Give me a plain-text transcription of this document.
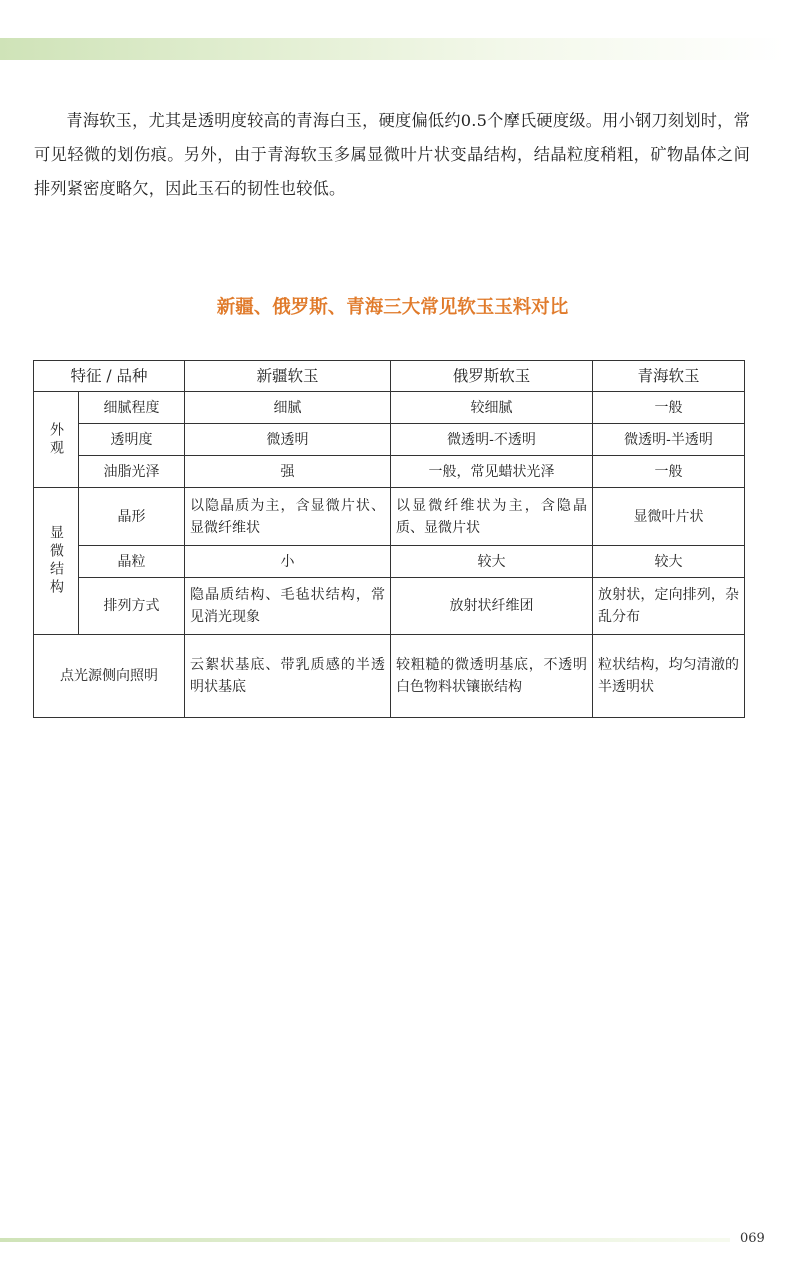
青海软玉，尤其是透明度较高的青海白玉，硬度偏低约0.5个摩氏硬度级。用小钢刀刻划时，常可见轻微的划伤痕。另外，由于青海软玉多属显微叶片状变晶结构，结晶粒度稍粗，矿物晶体之间排列紧密度略欠，因此玉石的韧性也较低。

新疆、俄罗斯、青海三大常见软玉玉料对比
特征 / 品种		新疆软玉	俄罗斯软玉	青海软玉

外观	细腻程度	细腻	较细腻	一般
	透明度	微透明	微透明-不透明	微透明-半透明
	油脂光泽	强	一般，常见蜡状光泽	一般

显微结构	晶形	以隐晶质为主，含显微片状、显微纤维状	以显微纤维状为主，含隐晶质、显微片状	显微叶片状
	晶粒	小	较大	较大
	排列方式	隐晶质结构、毛毡状结构，常见消光现象	放射状纤维团	放射状，定向排列，杂乱分布
点光源侧向照明		云絮状基底、带乳质感的半透明状基底	较粗糙的微透明基底，不透明白色物料状镶嵌结构	粒状结构，均匀清澈的半透明状
069
